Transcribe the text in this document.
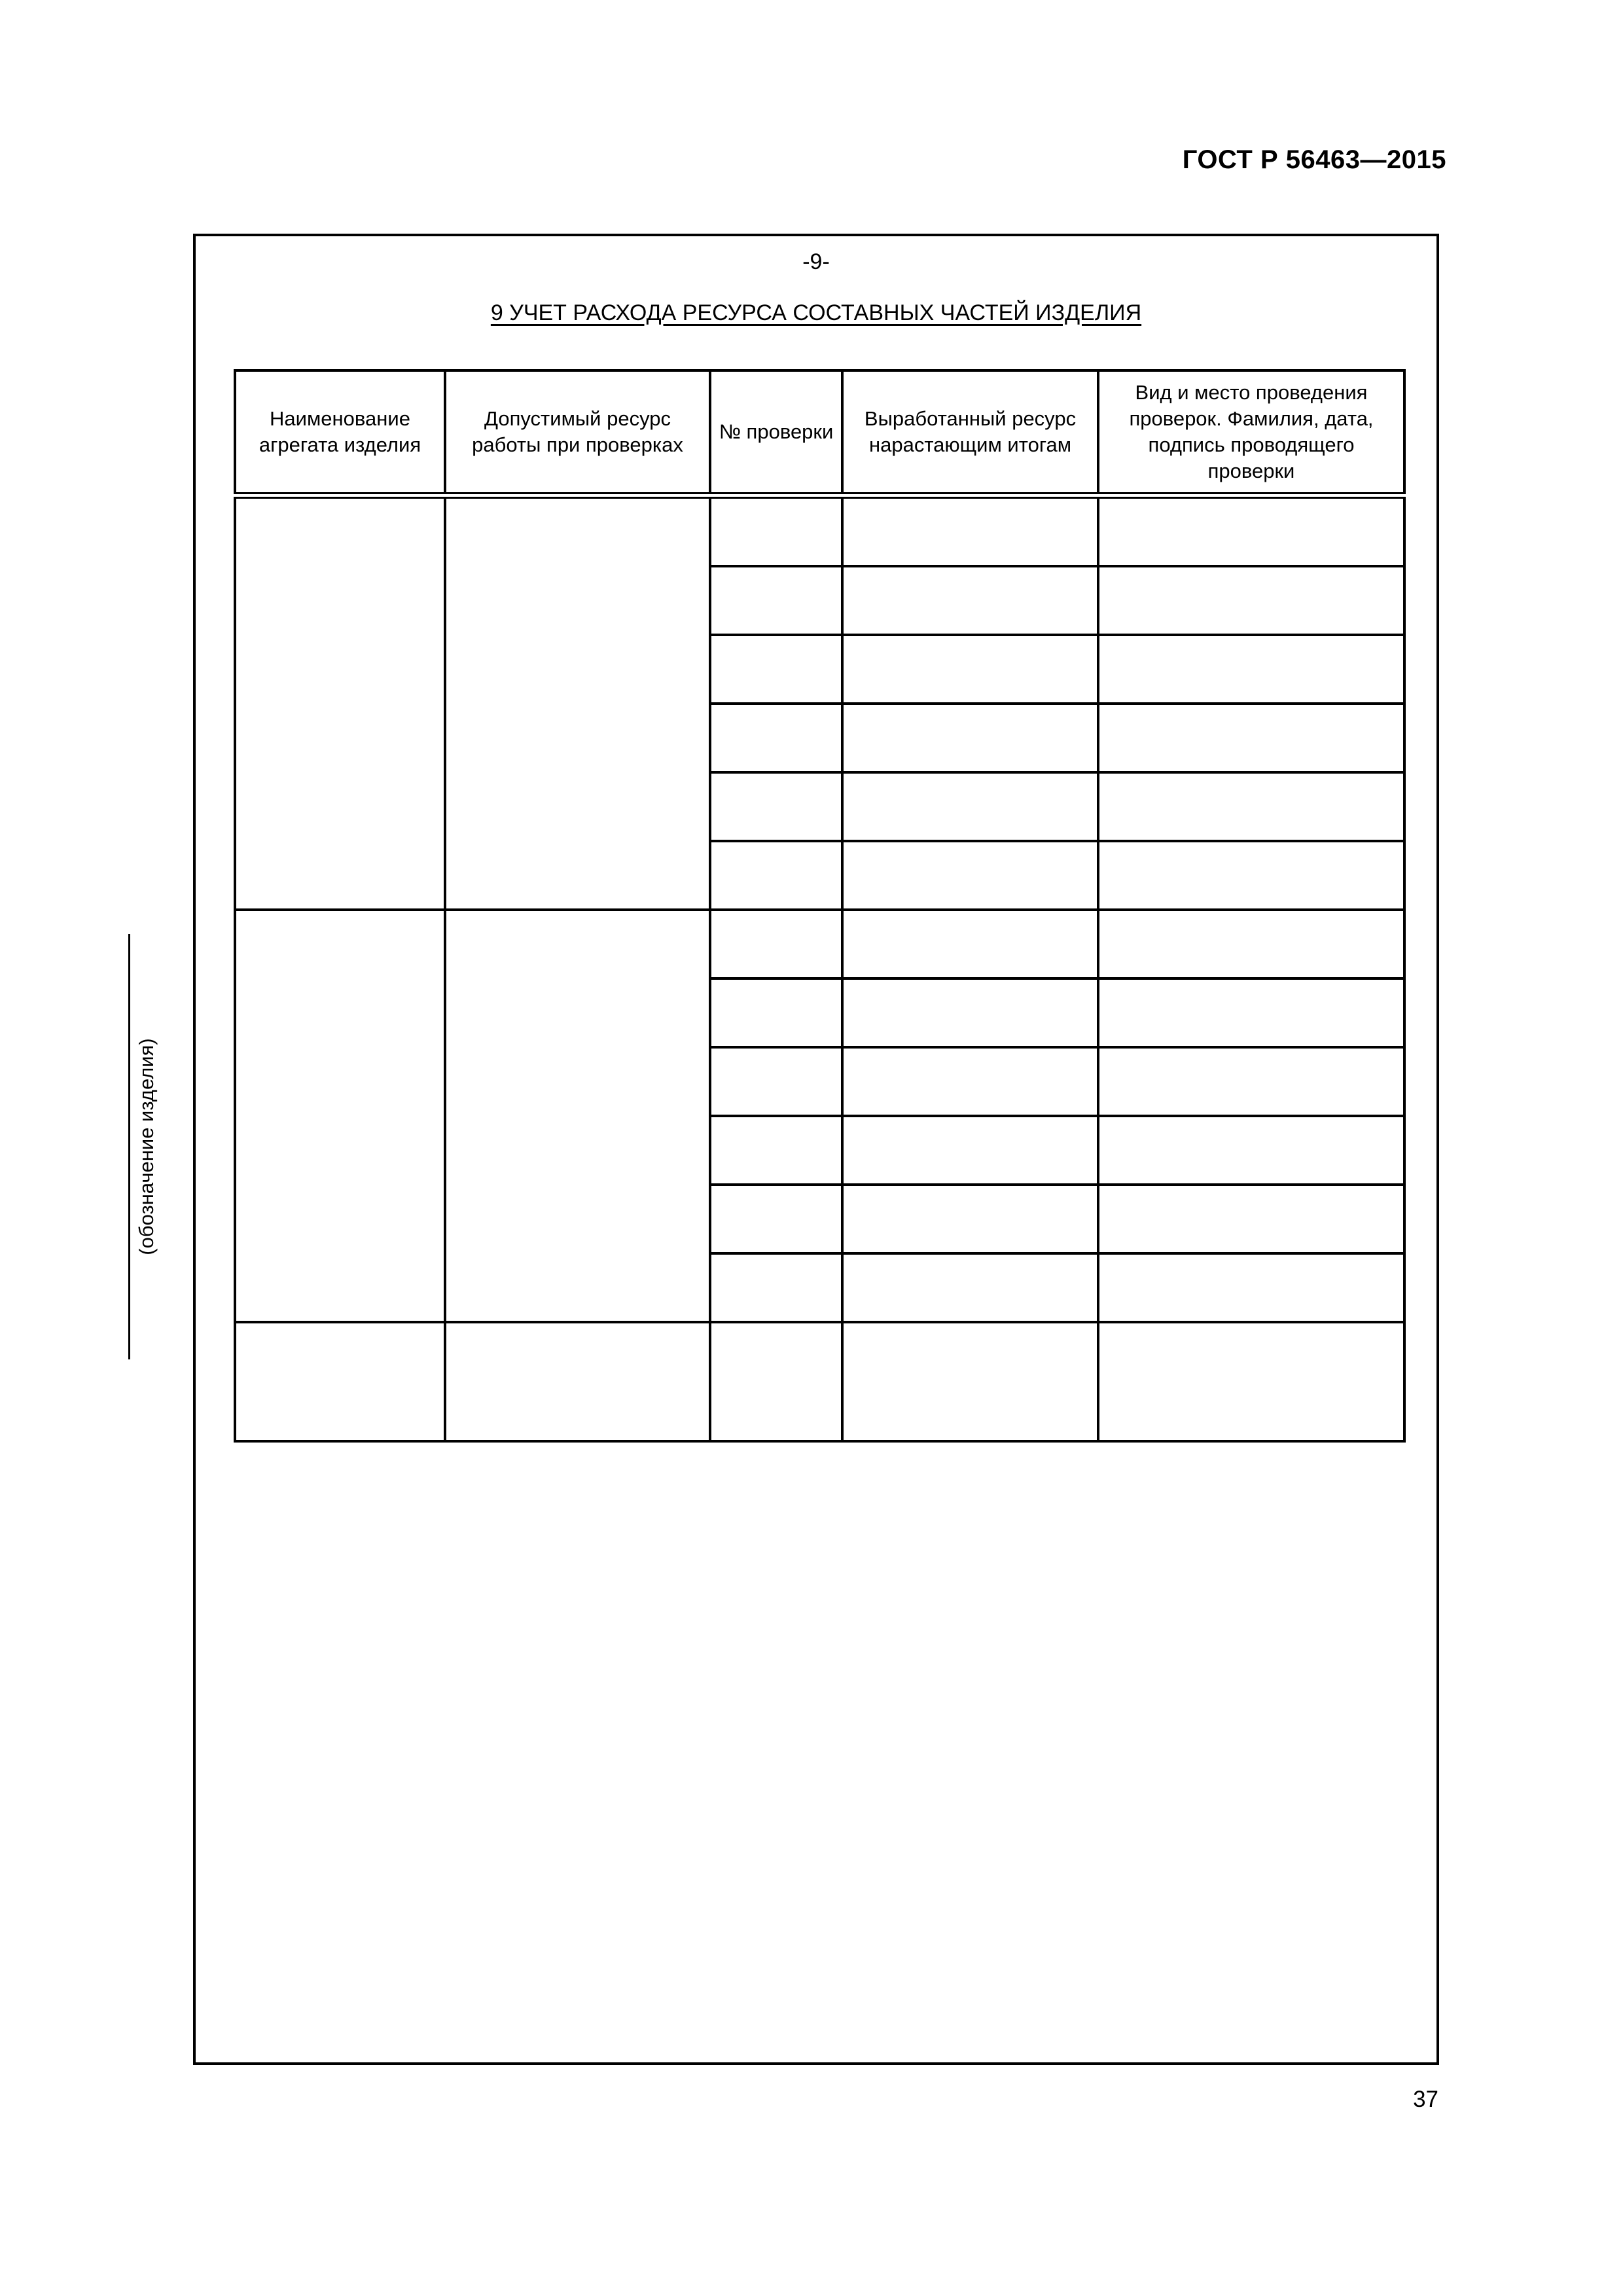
ГОСТ Р 56463—2015
-9-
9 УЧЕТ РАСХОДА РЕСУРСА СОСТАВНЫХ ЧАСТЕЙ ИЗДЕЛИЯ
Наименование агрегата изделия	Допустимый ресурс работы при проверках	№ проверки	Выработанный ресурс нарастающим итогам	Вид и место проведения проверок. Фамилия, дата, подпись проводящего проверки

(обозначение изделия)
37
